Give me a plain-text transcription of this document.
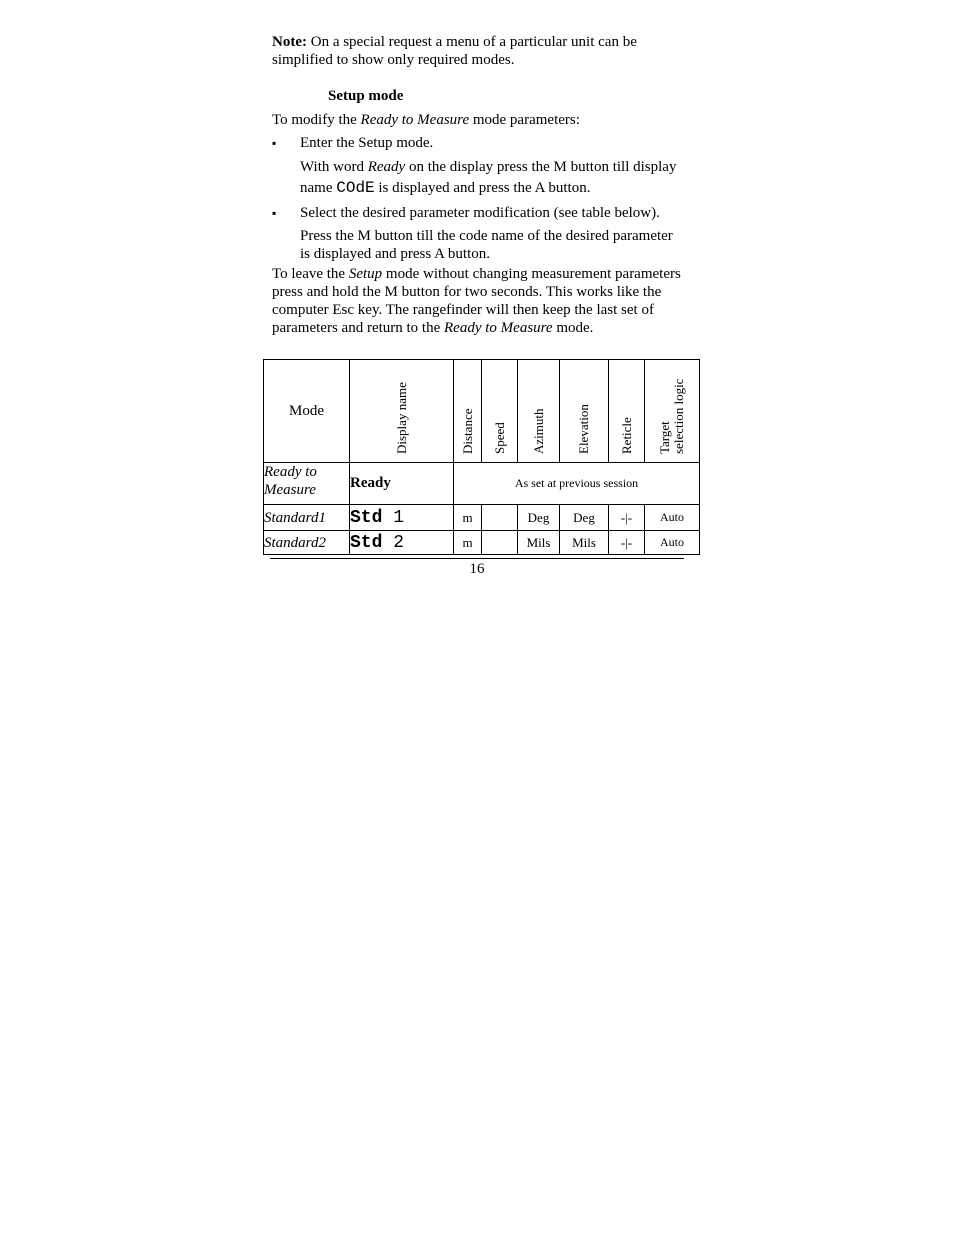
Note: On a special request a menu of a particular unit can be simplified to show only required modes.

Setup mode

To modify the Ready to Measure mode parameters:

▪ Enter the Setup mode.

With word Ready on the display press the M button till display name COdE is displayed and press the A button.

▪ Select the desired parameter modification (see table below).

Press the M button till the code name of the desired parameter is displayed and press A button.

To leave the Setup mode without changing measurement parameters press and hold the M button for two seconds. This works like the computer Esc key. The rangefinder will then keep the last set of parameters and return to the Ready to Measure mode.

Mode	Display name	Distance	Speed	Azimuth	Elevation	Reticle	Target
selection logic

Ready to Measure	Ready	As set at previous session					
Standard1	Std 1	m		Deg	Deg	-|-	Auto
Standard2	Std 2	m		Mils	Mils	-|-	Auto
16
